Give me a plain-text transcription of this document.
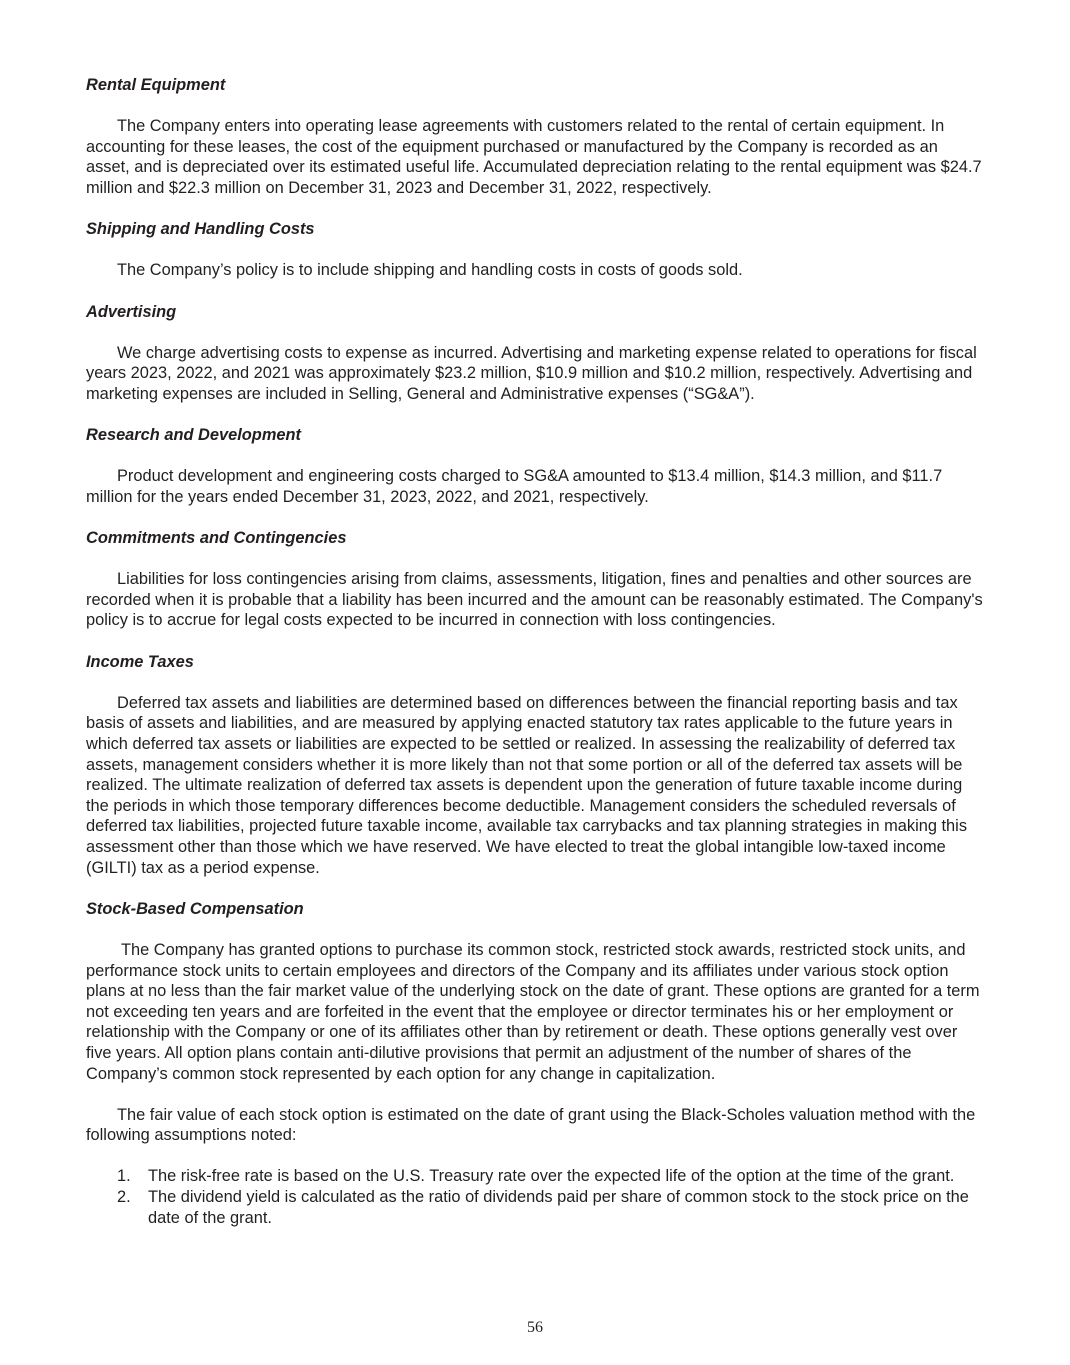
Rental Equipment

The Company enters into operating lease agreements with customers related to the rental of certain equipment. In accounting for these leases, the cost of the equipment purchased or manufactured by the Company is recorded as an asset, and is depreciated over its estimated useful life. Accumulated depreciation relating to the rental equipment was $24.7 million and $22.3 million on December 31, 2023 and December 31, 2022, respectively.

Shipping and Handling Costs

The Company’s policy is to include shipping and handling costs in costs of goods sold.

Advertising

We charge advertising costs to expense as incurred. Advertising and marketing expense related to operations for fiscal years 2023, 2022, and 2021 was approximately $23.2 million, $10.9 million and $10.2 million, respectively. Advertising and marketing expenses are included in Selling, General and Administrative expenses (“SG&A”).

Research and Development

Product development and engineering costs charged to SG&A amounted to $13.4 million, $14.3 million, and $11.7 million for the years ended December 31, 2023, 2022, and 2021, respectively.

Commitments and Contingencies

Liabilities for loss contingencies arising from claims, assessments, litigation, fines and penalties and other sources are recorded when it is probable that a liability has been incurred and the amount can be reasonably estimated. The Company's policy is to accrue for legal costs expected to be incurred in connection with loss contingencies.

Income Taxes

Deferred tax assets and liabilities are determined based on differences between the financial reporting basis and tax basis of assets and liabilities, and are measured by applying enacted statutory tax rates applicable to the future years in which deferred tax assets or liabilities are expected to be settled or realized. In assessing the realizability of deferred tax assets, management considers whether it is more likely than not that some portion or all of the deferred tax assets will be realized. The ultimate realization of deferred tax assets is dependent upon the generation of future taxable income during the periods in which those temporary differences become deductible. Management considers the scheduled reversals of deferred tax liabilities, projected future taxable income, available tax carrybacks and tax planning strategies in making this assessment other than those which we have reserved. We have elected to treat the global intangible low-taxed income (GILTI) tax as a period expense.

Stock-Based Compensation

The Company has granted options to purchase its common stock, restricted stock awards, restricted stock units, and performance stock units to certain employees and directors of the Company and its affiliates under various stock option plans at no less than the fair market value of the underlying stock on the date of grant. These options are granted for a term not exceeding ten years and are forfeited in the event that the employee or director terminates his or her employment or relationship with the Company or one of its affiliates other than by retirement or death. These options generally vest over five years. All option plans contain anti-dilutive provisions that permit an adjustment of the number of shares of the Company’s common stock represented by each option for any change in capitalization.

The fair value of each stock option is estimated on the date of grant using the Black-Scholes valuation method with the following assumptions noted:

1. The risk-free rate is based on the U.S. Treasury rate over the expected life of the option at the time of the grant.
2. The dividend yield is calculated as the ratio of dividends paid per share of common stock to the stock price on the date of the grant.
56
